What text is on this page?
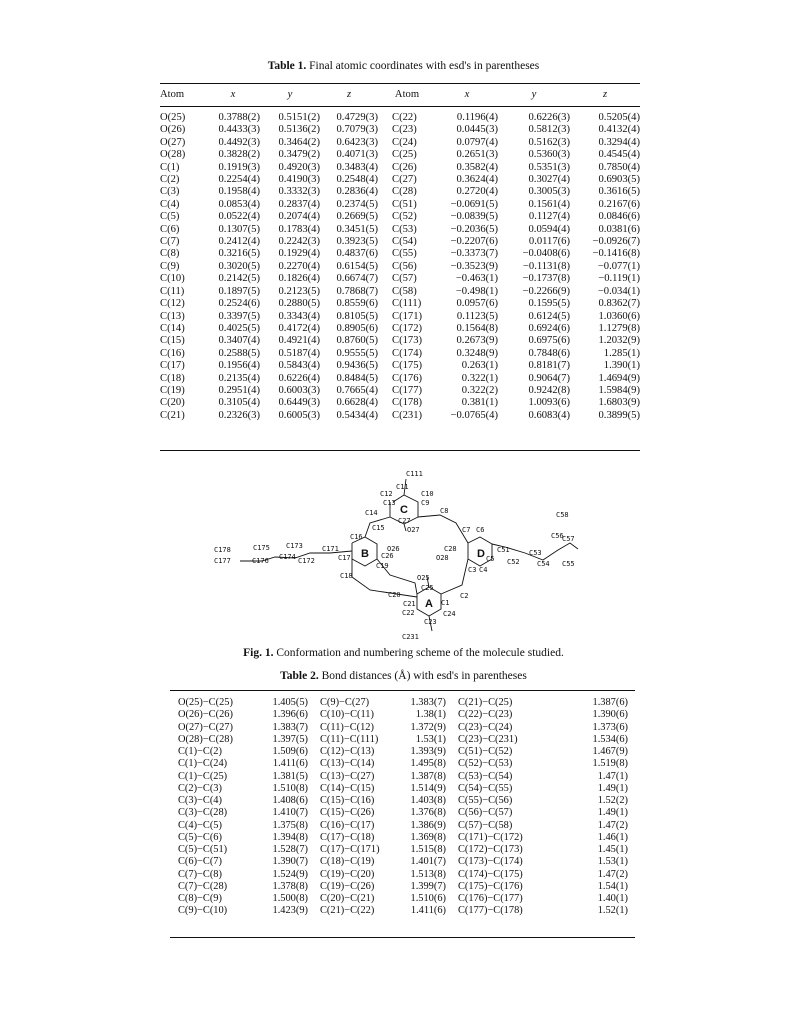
Table 1. Final atomic coordinates with esd's in parentheses
Atom	x	y	z	Atom	x	y	z
O(25)	0.3788(2)	0.5151(2)	0.4729(3)	C(22)	0.1196(4)	0.6226(3)	0.5205(4)
O(26)	0.4433(3)	0.5136(2)	0.7079(3)	C(23)	0.0445(3)	0.5812(3)	0.4132(4)
O(27)	0.4492(3)	0.3464(2)	0.6423(3)	C(24)	0.0797(4)	0.5162(3)	0.3294(4)
O(28)	0.3828(2)	0.3479(2)	0.4071(3)	C(25)	0.2651(3)	0.5360(3)	0.4545(4)
C(1)	0.1919(3)	0.4920(3)	0.3483(4)	C(26)	0.3582(4)	0.5351(3)	0.7850(4)
C(2)	0.2254(4)	0.4190(3)	0.2548(4)	C(27)	0.3624(4)	0.3027(4)	0.6903(5)
C(3)	0.1958(4)	0.3332(3)	0.2836(4)	C(28)	0.2720(4)	0.3005(3)	0.3616(5)
C(4)	0.0853(4)	0.2837(4)	0.2374(5)	C(51)	−0.0691(5)	0.1561(4)	0.2167(6)
C(5)	0.0522(4)	0.2074(4)	0.2669(5)	C(52)	−0.0839(5)	0.1127(4)	0.0846(6)
C(6)	0.1307(5)	0.1783(4)	0.3451(5)	C(53)	−0.2036(5)	0.0594(4)	0.0381(6)
C(7)	0.2412(4)	0.2242(3)	0.3923(5)	C(54)	−0.2207(6)	0.0117(6)	−0.0926(7)
C(8)	0.3216(5)	0.1929(4)	0.4837(6)	C(55)	−0.3373(7)	−0.0408(6)	−0.1416(8)
C(9)	0.3020(5)	0.2270(4)	0.6154(5)	C(56)	−0.3523(9)	−0.1131(8)	−0.077(1)
C(10)	0.2142(5)	0.1826(4)	0.6674(7)	C(57)	−0.463(1)	−0.1737(8)	−0.119(1)
C(11)	0.1897(5)	0.2123(5)	0.7868(7)	C(58)	−0.498(1)	−0.2266(9)	−0.034(1)
C(12)	0.2524(6)	0.2880(5)	0.8559(6)	C(111)	0.0957(6)	0.1595(5)	0.8362(7)
C(13)	0.3397(5)	0.3343(4)	0.8105(5)	C(171)	0.1123(5)	0.6124(5)	1.0360(6)
C(14)	0.4025(5)	0.4172(4)	0.8905(6)	C(172)	0.1564(8)	0.6924(6)	1.1279(8)
C(15)	0.3407(4)	0.4921(4)	0.8760(5)	C(173)	0.2673(9)	0.6975(6)	1.2032(9)
C(16)	0.2588(5)	0.5187(4)	0.9555(5)	C(174)	0.3248(9)	0.7848(6)	1.285(1)
C(17)	0.1956(4)	0.5843(4)	0.9436(5)	C(175)	0.263(1)	0.8181(7)	1.390(1)
C(18)	0.2135(4)	0.6226(4)	0.8484(5)	C(176)	0.322(1)	0.9064(7)	1.4694(9)
C(19)	0.2951(4)	0.6003(3)	0.7665(4)	C(177)	0.322(2)	0.9242(8)	1.5984(9)
C(20)	0.3105(4)	0.6449(3)	0.6628(4)	C(178)	0.381(1)	1.0093(6)	1.6803(9)
C(21)	0.2326(3)	0.6005(3)	0.5434(4)	C(231)	−0.0765(4)	0.6083(4)	0.3899(5)
C
B	D
A
C111
C11
C12	C10
C13	C9
C14	C8
C27
O27
C15
C16
C7 C6
C58
C56
C57
C178	C175 C173	C171
C177	C176 C174 C172	C17
O26
C26
C19
C28
O28	C5
C51	C53
C52 C54 C55
C18	O25
C3 C4
C25
C20
C21	C1
C2
C22	C24
C23
C231
Fig. 1. Conformation and numbering scheme of the molecule studied.
Table 2. Bond distances (Å) with esd's in parentheses
O(25)−C(25)	1.405(5)	C(9)−C(27)	1.383(7)	C(21)−C(25)	1.387(6)
O(26)−C(26)	1.396(6)	C(10)−C(11)	1.38(1)	C(22)−C(23)	1.390(6)
O(27)−C(27)	1.383(7)	C(11)−C(12)	1.372(9)	C(23)−C(24)	1.373(6)
O(28)−C(28)	1.397(5)	C(11)−C(111)	1.53(1)	C(23)−C(231)	1.534(6)
C(1)−C(2)	1.509(6)	C(12)−C(13)	1.393(9)	C(51)−C(52)	1.467(9)
C(1)−C(24)	1.411(6)	C(13)−C(14)	1.495(8)	C(52)−C(53)	1.519(8)
C(1)−C(25)	1.381(5)	C(13)−C(27)	1.387(8)	C(53)−C(54)	1.47(1)
C(2)−C(3)	1.510(8)	C(14)−C(15)	1.514(9)	C(54)−C(55)	1.49(1)
C(3)−C(4)	1.408(6)	C(15)−C(16)	1.403(8)	C(55)−C(56)	1.52(2)
C(3)−C(28)	1.410(7)	C(15)−C(26)	1.376(8)	C(56)−C(57)	1.49(1)
C(4)−C(5)	1.375(8)	C(16)−C(17)	1.386(9)	C(57)−C(58)	1.47(2)
C(5)−C(6)	1.394(8)	C(17)−C(18)	1.369(8)	C(171)−C(172)	1.46(1)
C(5)−C(51)	1.528(7)	C(17)−C(171)	1.515(8)	C(172)−C(173)	1.45(1)
C(6)−C(7)	1.390(7)	C(18)−C(19)	1.401(7)	C(173)−C(174)	1.53(1)
C(7)−C(8)	1.524(9)	C(19)−C(20)	1.513(8)	C(174)−C(175)	1.47(2)
C(7)−C(28)	1.378(8)	C(19)−C(26)	1.399(7)	C(175)−C(176)	1.54(1)
C(8)−C(9)	1.500(8)	C(20)−C(21)	1.510(6)	C(176)−C(177)	1.40(1)
C(9)−C(10)	1.423(9)	C(21)−C(22)	1.411(6)	C(177)−C(178)	1.52(1)
